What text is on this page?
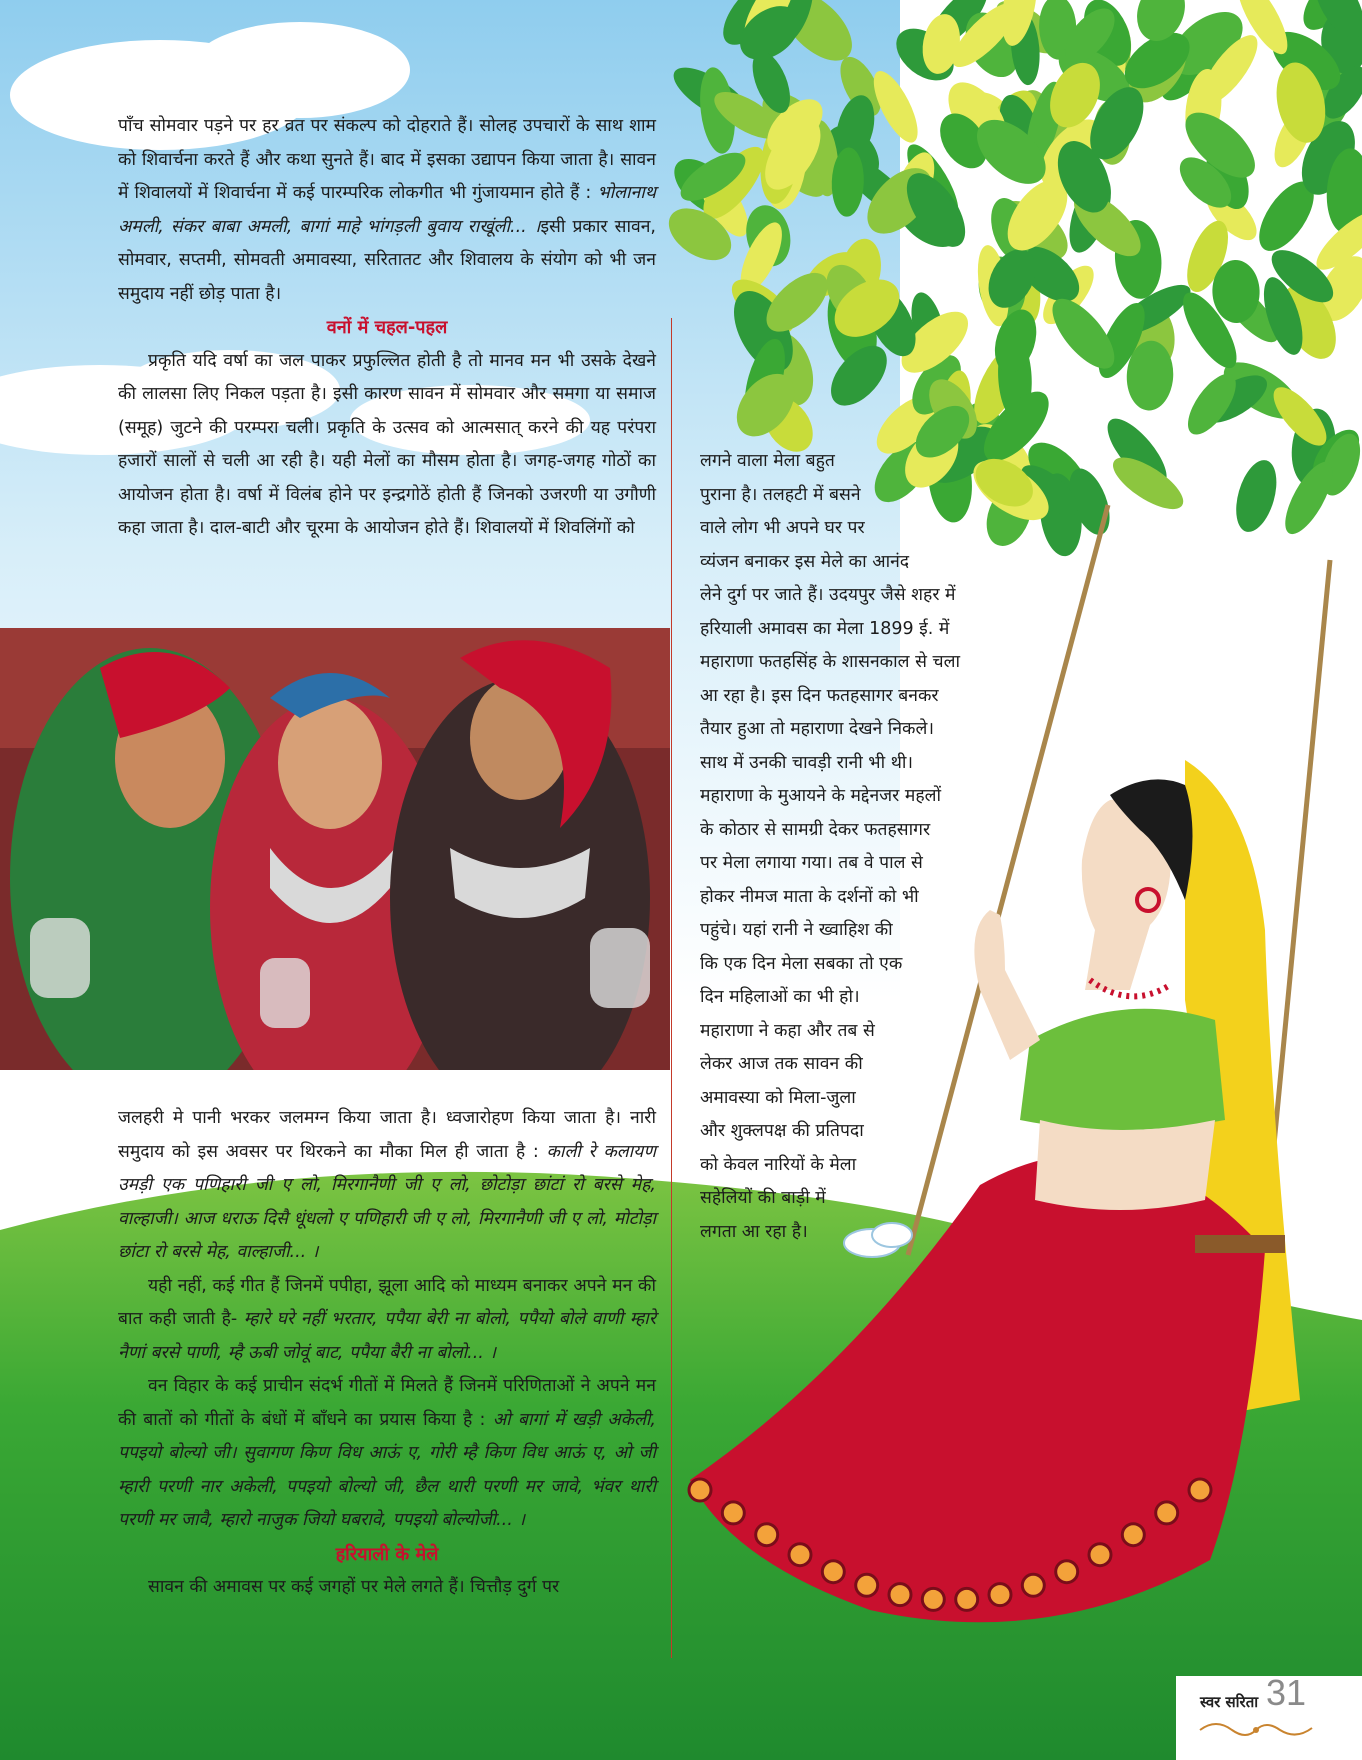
पाँच सोमवार पड़ने पर हर व्रत पर संकल्प को दोहराते हैं। सोलह उपचारों के साथ शाम को शिवार्चना करते हैं और कथा सुनते हैं। बाद में इसका उद्यापन किया जाता है। सावन में शिवालयों में शिवार्चना में कई पारम्परिक लोकगीत भी गुंजायमान होते हैं : भोलानाथ अमली, संकर बाबा अमली, बागां माहे भांगड़ली बुवाय राखूंली... ।इसी प्रकार सावन, सोमवार, सप्तमी, सोमवती अमावस्या, सरितातट और शिवालय के संयोग को भी जन समुदाय नहीं छोड़ पाता है।

वनों में चहल-पहल

प्रकृति यदि वर्षा का जल पाकर प्रफुल्लित होती है तो मानव मन भी उसके देखने की लालसा लिए निकल पड़ता है। इसी कारण सावन में सोमवार और समगा या समाज (समूह) जुटने की परम्परा चली। प्रकृति के उत्सव को आत्मसात् करने की यह परंपरा हजारों सालों से चली आ रही है। यही मेलों का मौसम होता है। जगह-जगह गोठों का आयोजन होता है। वर्षा में विलंब होने पर इन्द्रगोठें होती हैं जिनको उजरणी या उगौणी कहा जाता है। दाल-बाटी और चूरमा के आयोजन होते हैं। शिवालयों में शिवलिंगों को

जलहरी मे पानी भरकर जलमग्न किया जाता है। ध्वजारोहण किया जाता है। नारी समुदाय को इस अवसर पर थिरकने का मौका मिल ही जाता है : काली रे कलायण उमड़ी एक पणिहारी जी ए लो, मिरगानैणी जी ए लो, छोटोड़ा छांटां रो बरसे मेह, वाल्हाजी। आज धराऊ दिसै धूंधलो ए पणिहारी जी ए लो, मिरगानैणी जी ए लो, मोटोड़ा छांटा रो बरसे मेह, वाल्हाजी... ।

यही नहीं, कई गीत हैं जिनमें पपीहा, झूला आदि को माध्यम बनाकर अपने मन की बात कही जाती है- म्हारे घरे नहीं भरतार, पपैया बेरी ना बोलो, पपैयो बोले वाणी म्हारे नैणां बरसे पाणी, म्है ऊबी जोवूं बाट, पपैया बैरी ना बोलो... ।

वन विहार के कई प्राचीन संदर्भ गीतों में मिलते हैं जिनमें परिणिताओं ने अपने मन की बातों को गीतों के बंधों में बाँधने का प्रयास किया है : ओ बागां में खड़ी अकेली, पपइयो बोल्यो जी। सुवागण किण विध आऊं ए, गोरी म्है किण विध आऊं ए, ओ जी म्हारी परणी नार अकेली, पपइयो बोल्यो जी, छैल थारी परणी मर जावे, भंवर थारी परणी मर जावै, म्हारो नाजुक जियो घबरावे, पपइयो बोल्योजी... ।

हरियाली के मेले

सावन की अमावस पर कई जगहों पर मेले लगते हैं। चित्तौड़ दुर्ग पर

लगने वाला मेला बहुत

पुराना है। तलहटी में बसने

वाले लोग भी अपने घर पर

व्यंजन बनाकर इस मेले का आनंद

लेने दुर्ग पर जाते हैं। उदयपुर जैसे शहर में

हरियाली अमावस का मेला 1899 ई. में

महाराणा फतहसिंह के शासनकाल से चला

आ रहा है। इस दिन फतहसागर बनकर

तैयार हुआ तो महाराणा देखने निकले।

साथ में उनकी चावड़ी रानी भी थी।

महाराणा के मुआयने के मद्देनजर महलों

के कोठार से सामग्री देकर फतहसागर

पर मेला लगाया गया। तब वे पाल से

होकर नीमज माता के दर्शनों को भी

पहुंचे। यहां रानी ने ख्वाहिश की

कि एक दिन मेला सबका तो एक

दिन महिलाओं का भी हो।

महाराणा ने कहा और तब से

लेकर आज तक सावन की

अमावस्या को मिला-जुला

और शुक्लपक्ष की प्रतिपदा

को केवल नारियों के मेला

सहेलियों की बाड़ी में

लगता आ रहा है।

स्वर सरिता 31
